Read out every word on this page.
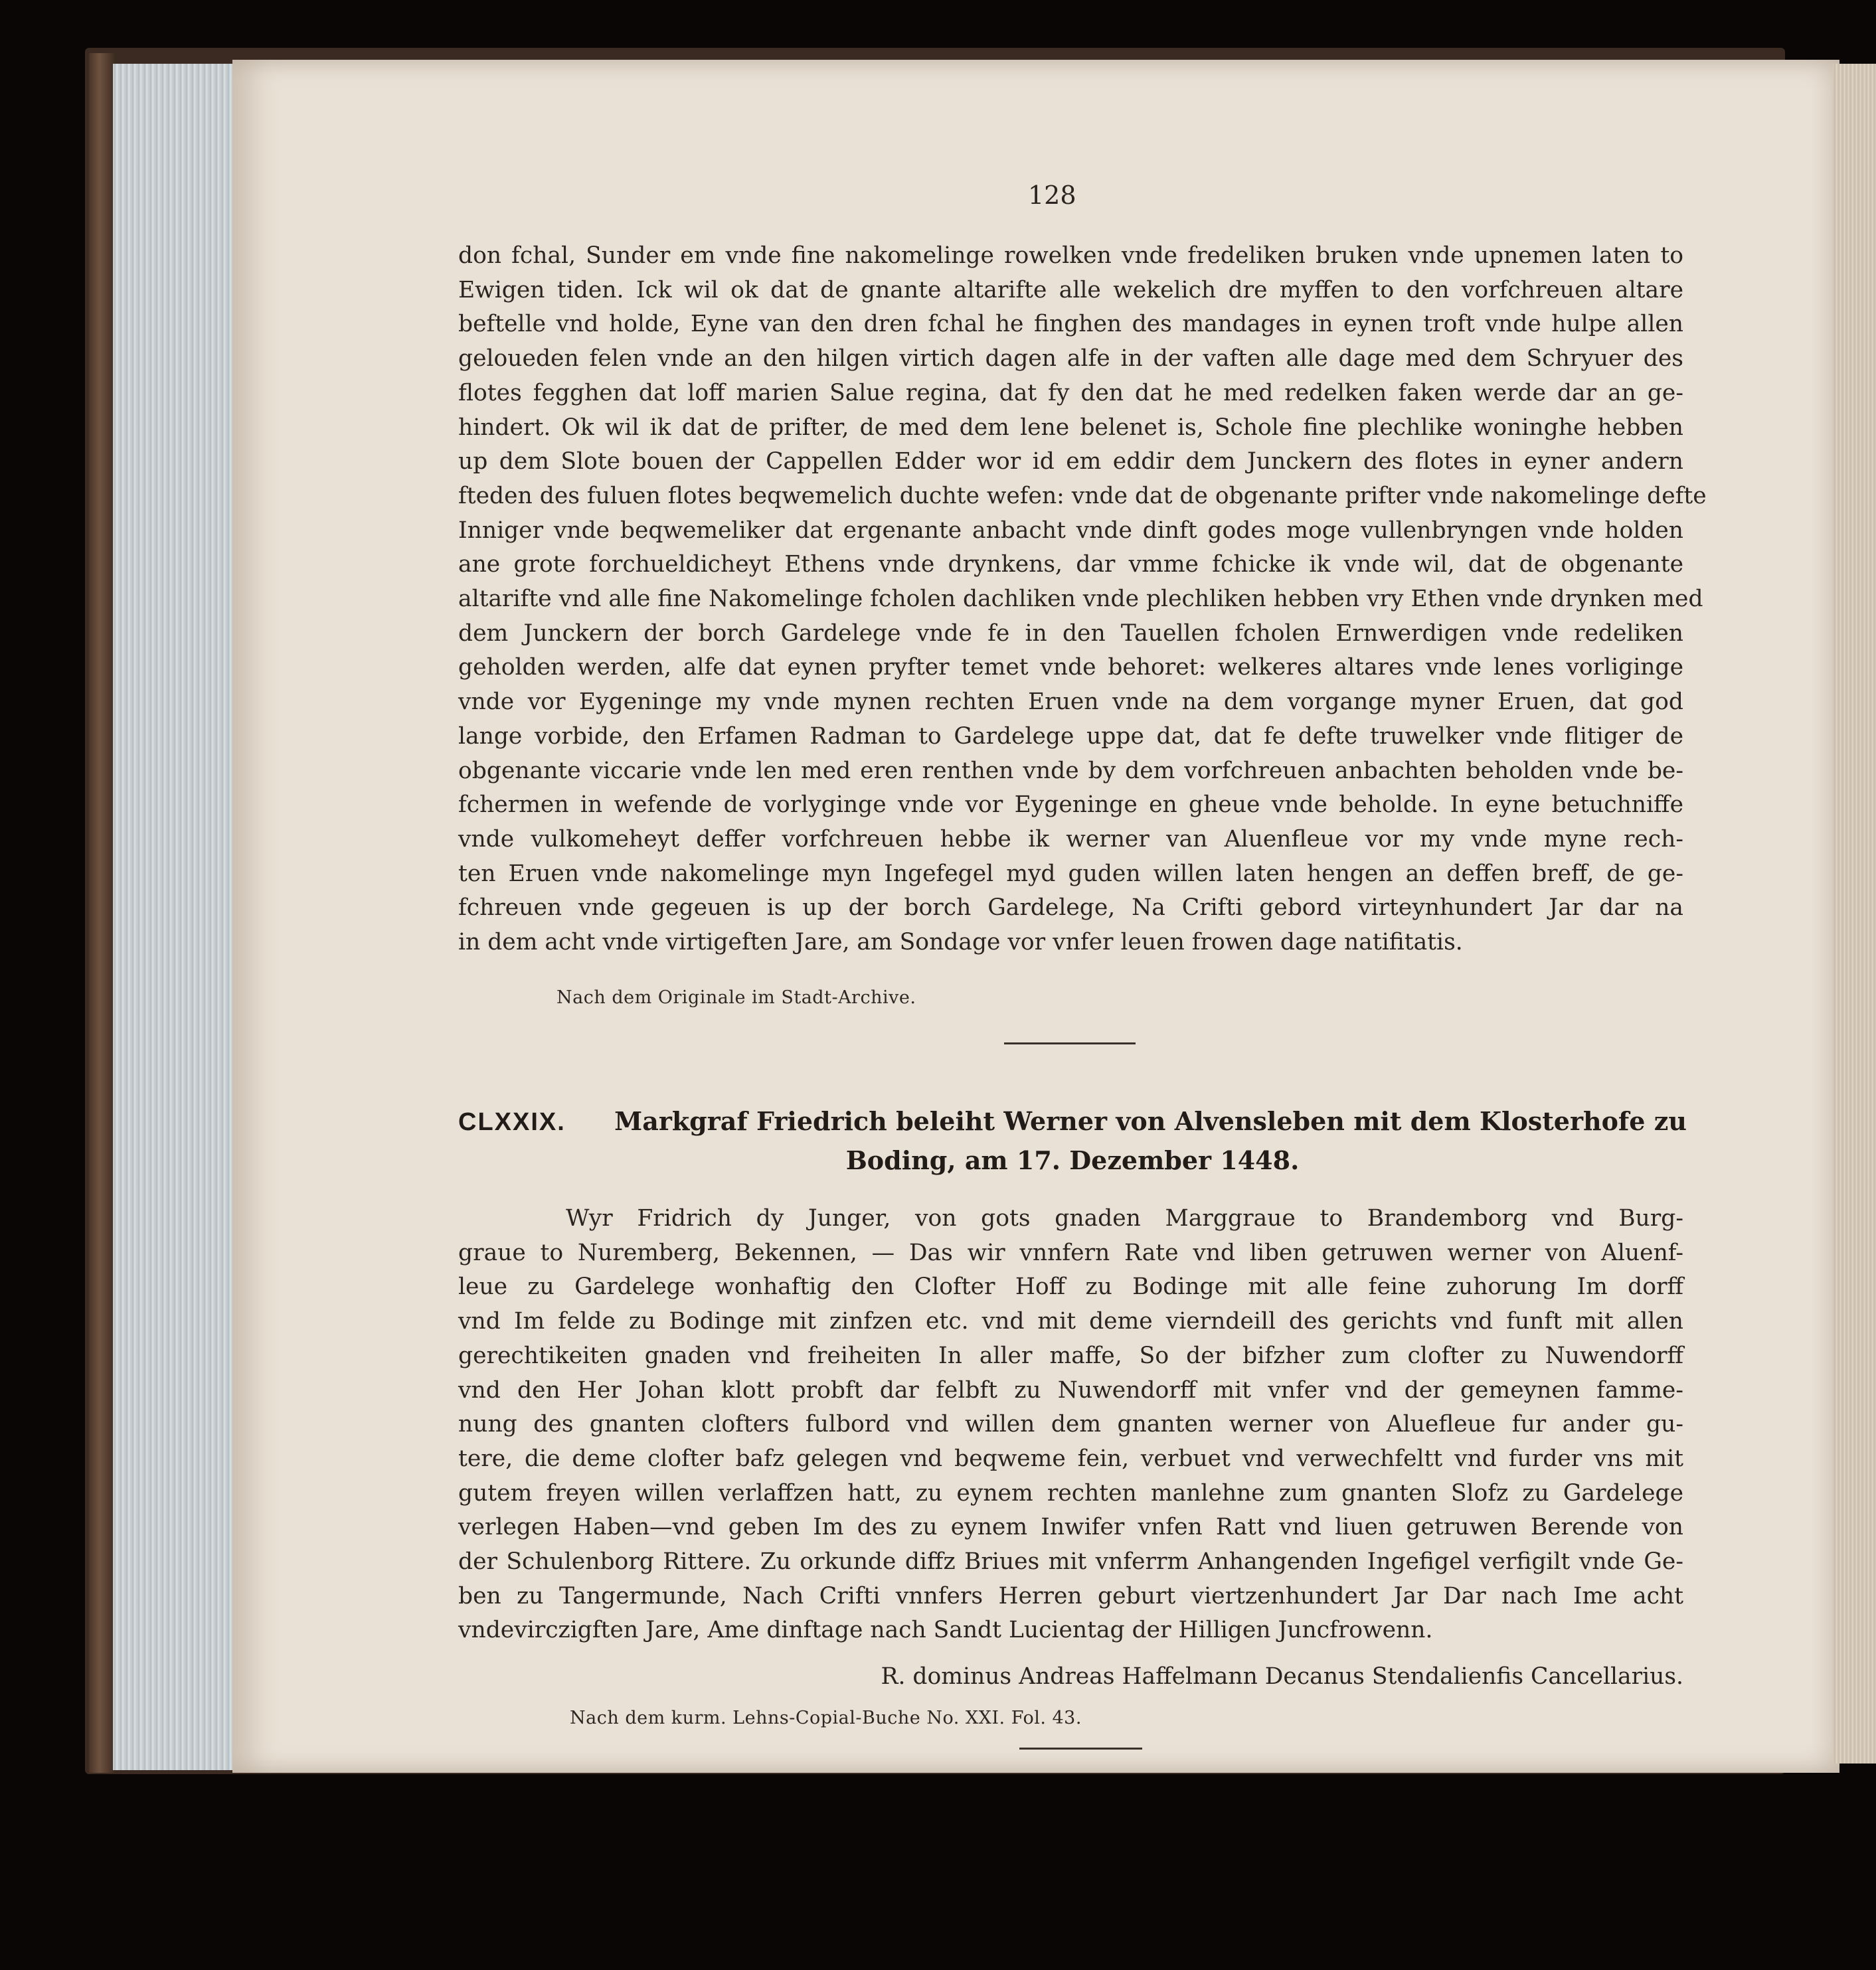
128

don fchal, Sunder em vnde fine nakomelinge rowelken vnde fredeliken bruken vnde upnemen laten to
Ewigen tiden. Ick wil ok dat de gnante altarifte alle wekelich dre myffen to den vorfchreuen altare
beftelle vnd holde, Eyne van den dren fchal he finghen des mandages in eynen troft vnde hulpe allen
geloueden felen vnde an den hilgen virtich dagen alfe in der vaften alle dage med dem Schryuer des
flotes fegghen dat loff marien Salue regina, dat fy den dat he med redelken faken werde dar an ge-
hindert. Ok wil ik dat de prifter, de med dem lene belenet is, Schole fine plechlike woninghe hebben
up dem Slote bouen der Cappellen Edder wor id em eddir dem Junckern des flotes in eyner andern
fteden des fuluen flotes beqwemelich duchte wefen: vnde dat de obgenante prifter vnde nakomelinge defte
Inniger vnde beqwemeliker dat ergenante anbacht vnde dinft godes moge vullenbryngen vnde holden
ane grote forchueldicheyt Ethens vnde drynkens, dar vmme fchicke ik vnde wil, dat de obgenante
altarifte vnd alle fine Nakomelinge fcholen dachliken vnde plechliken hebben vry Ethen vnde drynken med
dem Junckern der borch Gardelege vnde fe in den Tauellen fcholen Ernwerdigen vnde redeliken
geholden werden, alfe dat eynen pryfter temet vnde behoret: welkeres altares vnde lenes vorliginge
vnde vor Eygeninge my vnde mynen rechten Eruen vnde na dem vorgange myner Eruen, dat god
lange vorbide, den Erfamen Radman to Gardelege uppe dat, dat fe defte truwelker vnde flitiger de
obgenante viccarie vnde len med eren renthen vnde by dem vorfchreuen anbachten beholden vnde be-
fchermen in wefende de vorlyginge vnde vor Eygeninge en gheue vnde beholde. In eyne betuchniffe
vnde vulkomeheyt deffer vorfchreuen hebbe ik werner van Aluenfleue vor my vnde myne rech-
ten Eruen vnde nakomelinge myn Ingefegel myd guden willen laten hengen an deffen breff, de ge-
fchreuen vnde gegeuen is up der borch Gardelege, Na Crifti gebord virteynhundert Jar dar na
in dem acht vnde virtigeften Jare, am Sondage vor vnfer leuen frowen dage natifitatis.

Nach dem Originale im Stadt-Archive.
CLXXIX. Markgraf Friedrich beleiht Werner von Alvensleben mit dem Klosterhofe zu
Boding, am 17. Dezember 1448.

Wyr Fridrich dy Junger, von gots gnaden Marggraue to Brandemborg vnd Burg-
graue to Nuremberg, Bekennen, — Das wir vnnfern Rate vnd liben getruwen werner von Aluenf-
leue zu Gardelege wonhaftig den Clofter Hoff zu Bodinge mit alle feine zuhorung Im dorff
vnd Im felde zu Bodinge mit zinfzen etc. vnd mit deme vierndeill des gerichts vnd funft mit allen
gerechtikeiten gnaden vnd freiheiten In aller maffe, So der bifzher zum clofter zu Nuwendorff
vnd den Her Johan klott probft dar felbft zu Nuwendorff mit vnfer vnd der gemeynen famme-
nung des gnanten clofters fulbord vnd willen dem gnanten werner von Aluefleue fur ander gu-
tere, die deme clofter bafz gelegen vnd beqweme fein, verbuet vnd verwechfeltt vnd furder vns mit
gutem freyen willen verlaffzen hatt, zu eynem rechten manlehne zum gnanten Slofz zu Gardelege
verlegen Haben—vnd geben Im des zu eynem Inwifer vnfen Ratt vnd liuen getruwen Berende von
der Schulenborg Rittere. Zu orkunde diffz Briues mit vnferrm Anhangenden Ingefigel verfigilt vnde Ge-
ben zu Tangermunde, Nach Crifti vnnfers Herren geburt viertzenhundert Jar Dar nach Ime acht
vndevirczigften Jare, Ame dinftage nach Sandt Lucientag der Hilligen Juncfrowenn.

R. dominus Andreas Haffelmann Decanus Stendalienfis Cancellarius.
Nach dem kurm. Lehns-Copial-Buche No. XXI. Fol. 43.
